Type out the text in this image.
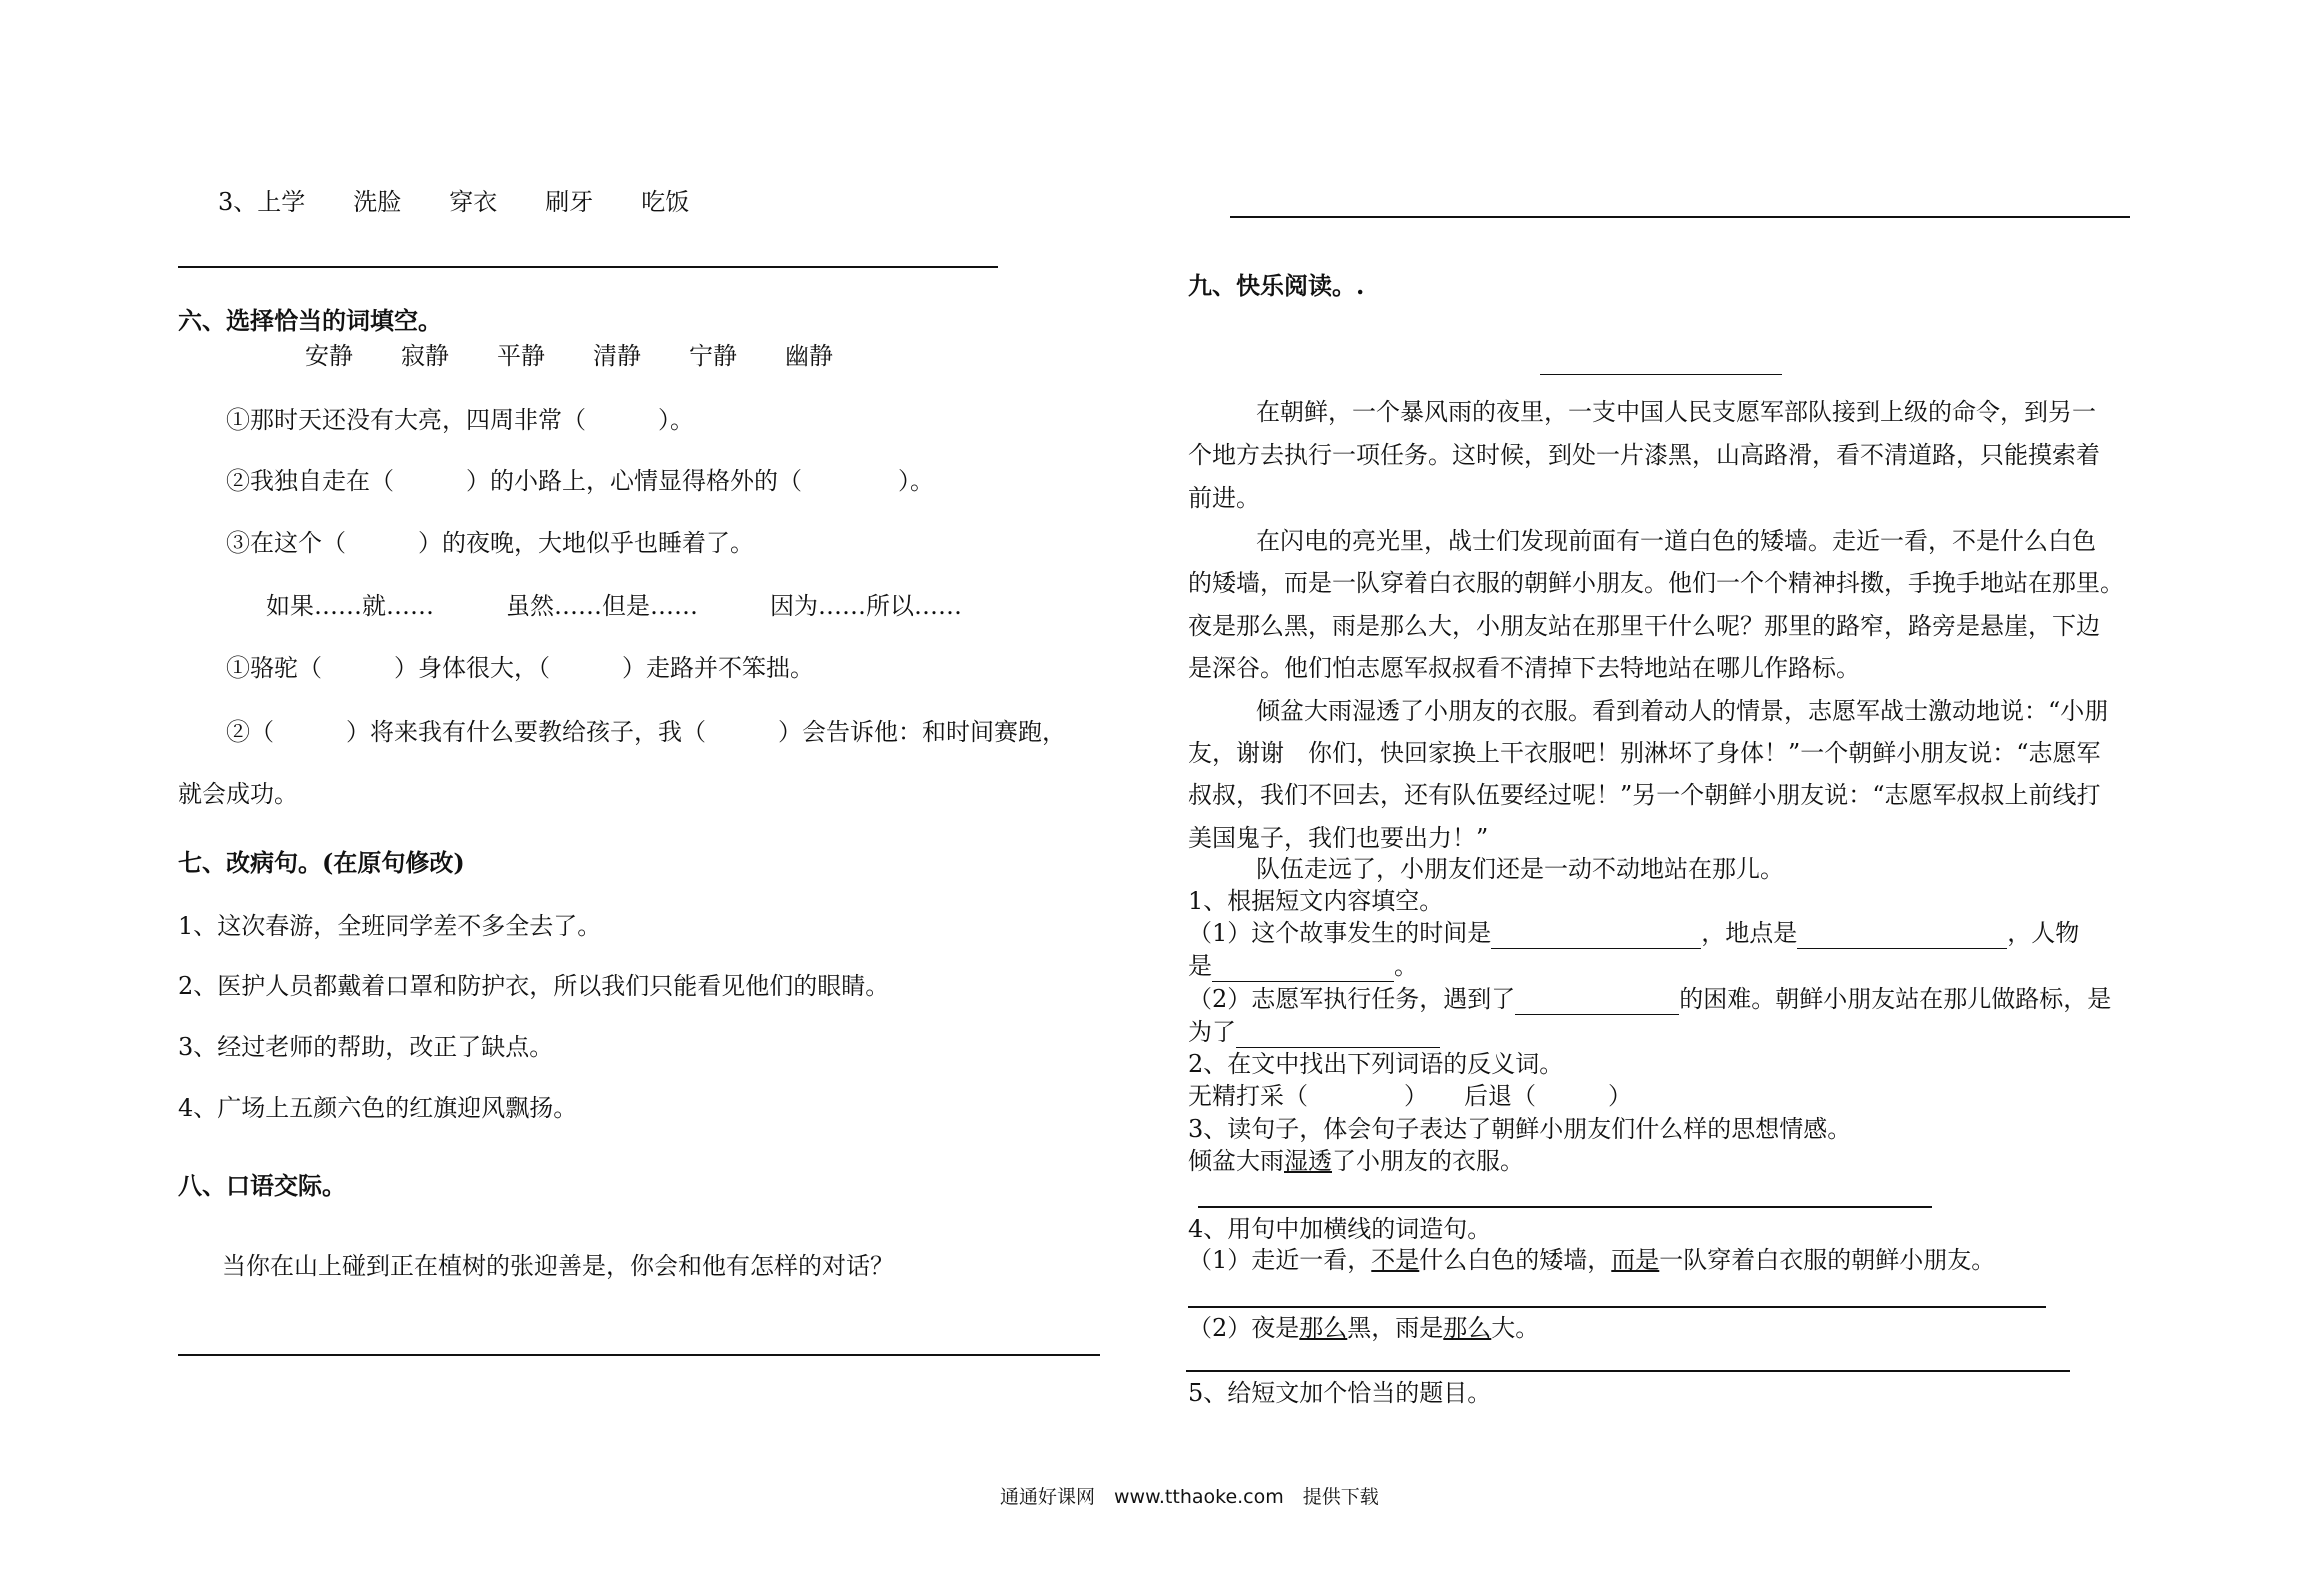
3、上学　　洗脸　　穿衣　　刷牙　　吃饭
六、选择恰当的词填空。
安静　　寂静　　平静　　清静　　宁静　　幽静
①那时天还没有大亮，四周非常（　　　）。
②我独自走在（　　　）的小路上，心情显得格外的（　　　　）。
③在这个（　　　）的夜晚，大地似乎也睡着了。
如果……就……　　　虽然……但是……　　　因为……所以……
①骆驼（　　　）身体很大，（　　　）走路并不笨拙。
②（　　　）将来我有什么要教给孩子，我（　　　）会告诉他：和时间赛跑，
就会成功。
七、改病句。(在原句修改)
1、这次春游，全班同学差不多全去了。
2、医护人员都戴着口罩和防护衣，所以我们只能看见他们的眼睛。
3、经过老师的帮助，改正了缺点。
4、广场上五颜六色的红旗迎风飘扬。
八、口语交际。
当你在山上碰到正在植树的张迎善是，你会和他有怎样的对话？
九、快乐阅读。.
在朝鲜，一个暴风雨的夜里，一支中国人民支愿军部队接到上级的命令，到另一
个地方去执行一项任务。这时候，到处一片漆黑，山高路滑，看不清道路，只能摸索着
前进。
在闪电的亮光里，战士们发现前面有一道白色的矮墙。走近一看，不是什么白色
的矮墙，而是一队穿着白衣服的朝鲜小朋友。他们一个个精神抖擞，手挽手地站在那里。
夜是那么黑，雨是那么大，小朋友站在那里干什么呢？那里的路窄，路旁是悬崖，下边
是深谷。他们怕志愿军叔叔看不清掉下去特地站在哪儿作路标。
倾盆大雨湿透了小朋友的衣服。看到着动人的情景，志愿军战士激动地说：“小朋
友，谢谢　你们，快回家换上干衣服吧！别淋坏了身体！”一个朝鲜小朋友说：“志愿军
叔叔，我们不回去，还有队伍要经过呢！”另一个朝鲜小朋友说：“志愿军叔叔上前线打
美国鬼子，我们也要出力！”
队伍走远了，小朋友们还是一动不动地站在那儿。
1、根据短文内容填空。
（1）这个故事发生的时间是	，地点是	，人物
是	。
（2）志愿军执行任务，遇到了	的困难。朝鲜小朋友站在那儿做路标，是
为了
2、在文中找出下列词语的反义词。
无精打采（　　　　）　　后退（　　　）
3、读句子，体会句子表达了朝鲜小朋友们什么样的思想情感。
倾盆大雨湿透了小朋友的衣服。
4、用句中加横线的词造句。
（1）走近一看，不是什么白色的矮墙，而是一队穿着白衣服的朝鲜小朋友。
（2）夜是那么黑，雨是那么大。
5、给短文加个恰当的题目。
通通好课网　www.tthaoke.com　提供下载
